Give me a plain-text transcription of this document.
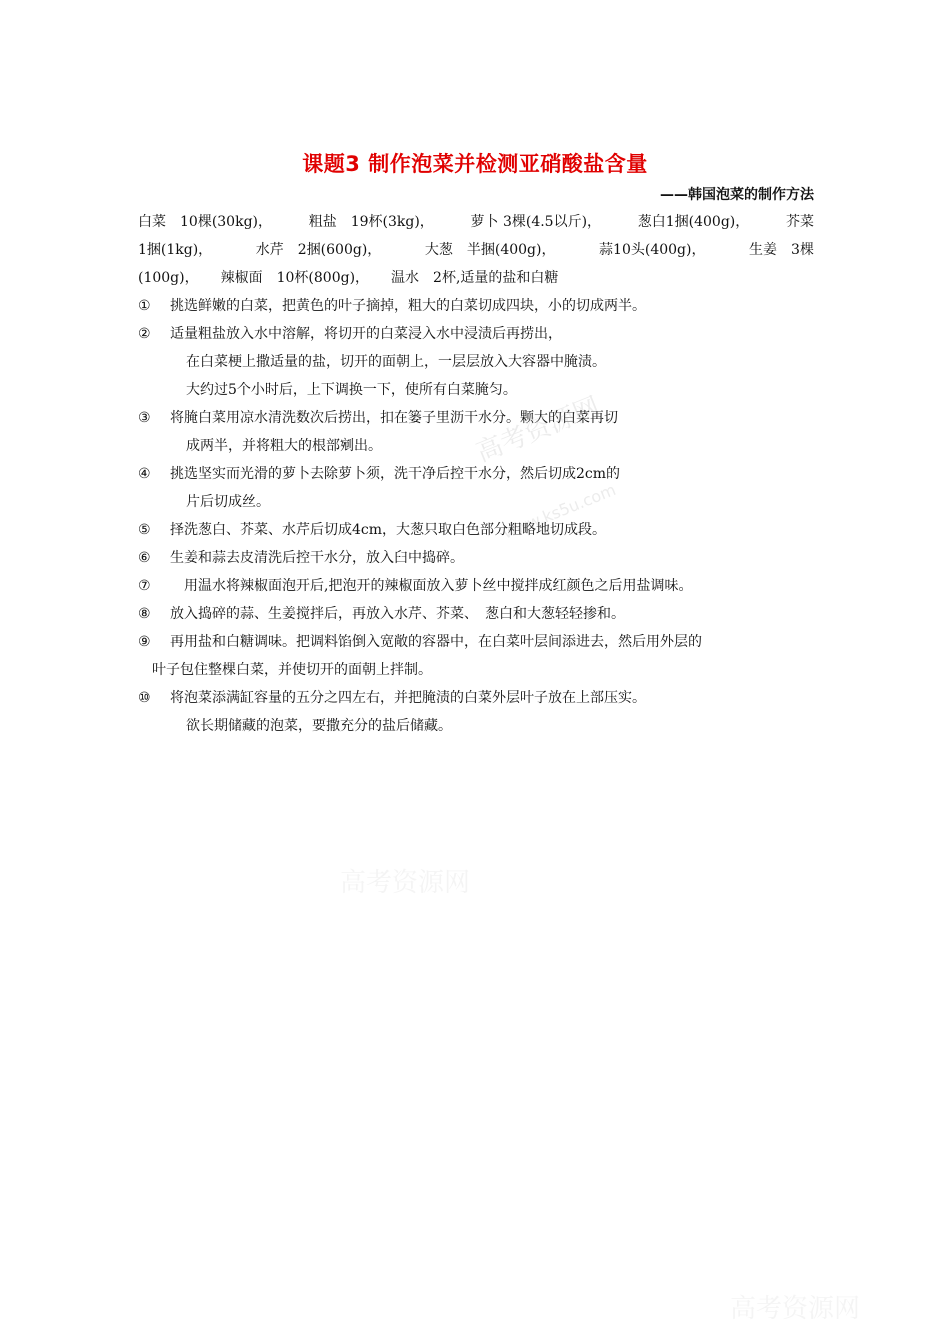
课题3 制作泡菜并检测亚硝酸盐含量
——韩国泡菜的制作方法
白菜　10棵(30kg)，	粗盐　19杯(3kg)，	萝卜 3棵(4.5以斤)，	葱白1捆(400g)，	芥菜
1捆(1kg)，	水芹　2捆(600g)，	大葱　半捆(400g)，	蒜10头(400g)，	生姜　3棵
(100g)， 辣椒面　10杯(800g)， 温水　2杯,适量的盐和白糖
① 挑选鲜嫩的白菜，把黄色的叶子摘掉，粗大的白菜切成四块，小的切成两半。
② 适量粗盐放入水中溶解，将切开的白菜浸入水中浸渍后再捞出，
在白菜梗上撒适量的盐，切开的面朝上，一层层放入大容器中腌渍。
大约过5个小时后，上下调换一下，使所有白菜腌匀。
③ 将腌白菜用凉水清洗数次后捞出，扣在篓子里沥干水分。颗大的白菜再切
成两半，并将粗大的根部剜出。
④ 挑选坚实而光滑的萝卜去除萝卜须，洗干净后控干水分，然后切成2cm的
片后切成丝。
⑤ 择洗葱白、芥菜、水芹后切成4cm，大葱只取白色部分粗略地切成段。
⑥ 生姜和蒜去皮清洗后控干水分，放入臼中捣碎。
⑦　用温水将辣椒面泡开后,把泡开的辣椒面放入萝卜丝中搅拌成红颜色之后用盐调味。
⑧ 放入捣碎的蒜、生姜搅拌后，再放入水芹、芥菜、　葱白和大葱轻轻掺和。
⑨ 再用盐和白糖调味。把调料馅倒入宽敞的容器中，在白菜叶层间添进去，然后用外层的
叶子包住整棵白菜，并使切开的面朝上拌制。
⑩ 将泡菜添满缸容量的五分之四左右，并把腌渍的白菜外层叶子放在上部压实。
欲长期储藏的泡菜，要撒充分的盐后储藏。
高考资源网
www.ks5u.com
高考资源网
高考资源网
